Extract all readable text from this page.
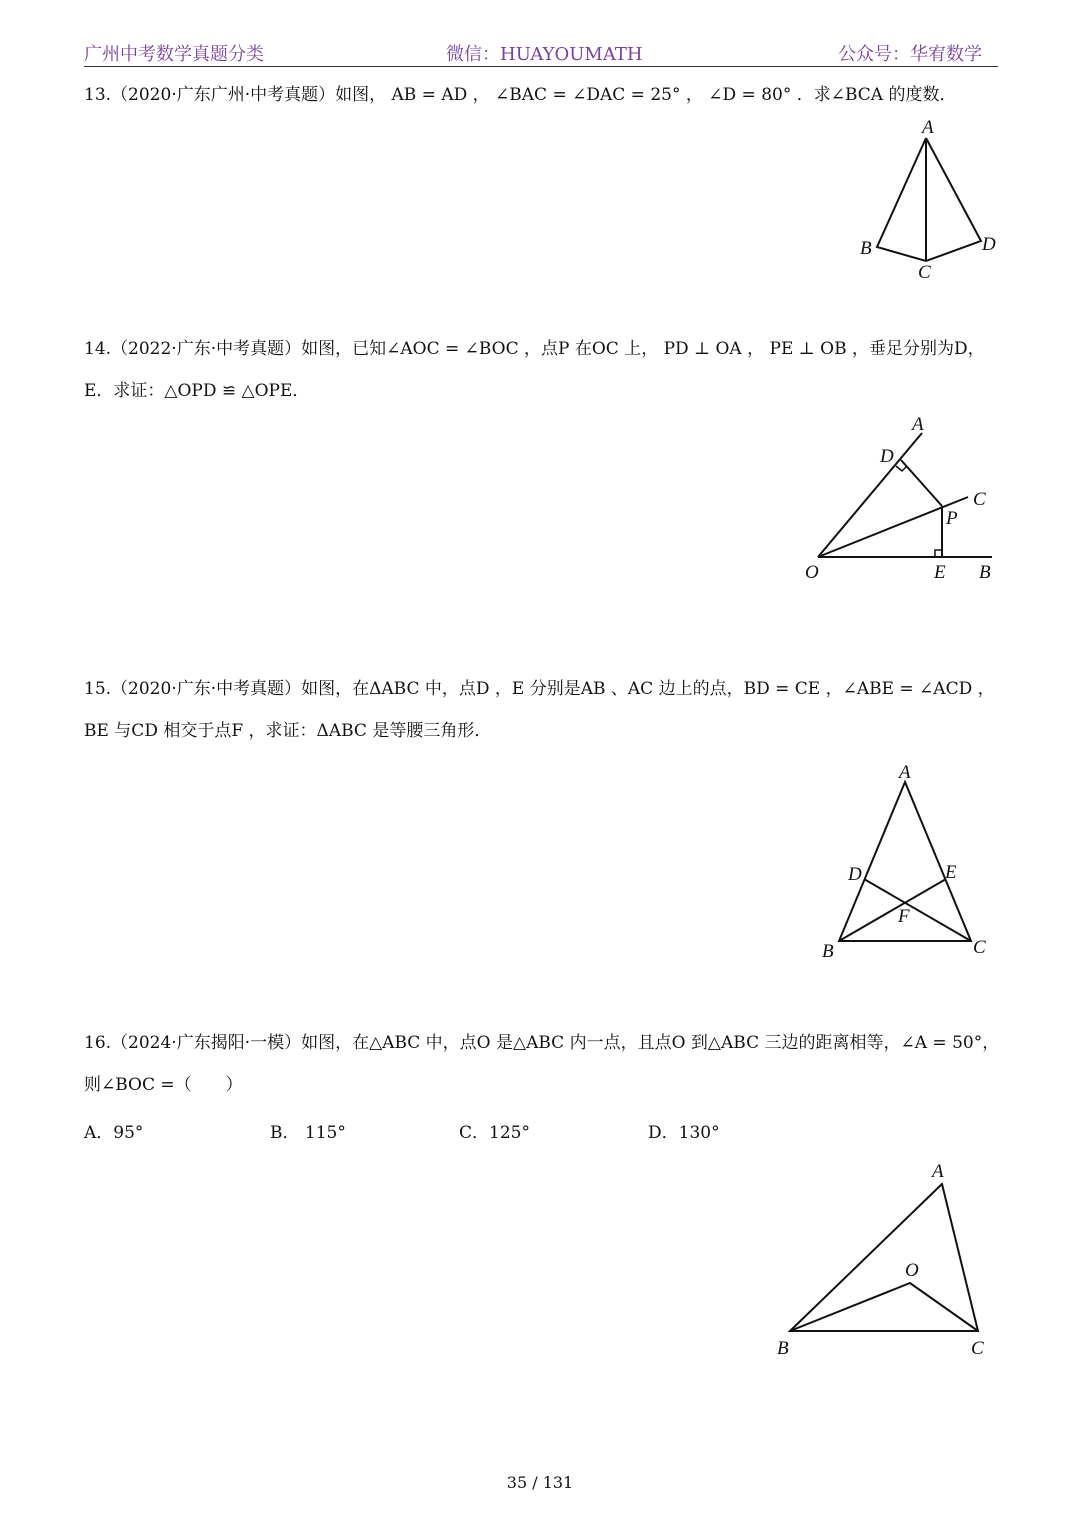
广州中考数学真题分类	微信：HUAYOUMATH	公众号：华宥数学
13.（2020·广东广州·中考真题）如图， AB = AD ， ∠BAC = ∠DAC = 25° ， ∠D = 80° ．求∠BCA 的度数．
A
B
C
D
14.（2022·广东·中考真题）如图，已知∠AOC = ∠BOC ，点P 在OC 上， PD ⊥ OA ， PE ⊥ OB ，垂足分别为D，
E．求证：△OPD ≌ △OPE．
A
D
C
P
O	E B
15.（2020·广东·中考真题）如图，在ΔABC 中，点D ，E 分别是AB 、AC 边上的点，BD = CE ，∠ABE = ∠ACD ，
BE 与CD 相交于点F ，求证：ΔABC 是等腰三角形．
A
D	E
F
B	C
16.（2024·广东揭阳·一模）如图，在△ABC 中，点O 是△ABC 内一点，且点O 到△ABC 三边的距离相等，∠A = 50°，
则∠BOC =（　　）
A．95°	B． 115°	C．125°	D．130°
A
O
B	C
35 / 131
